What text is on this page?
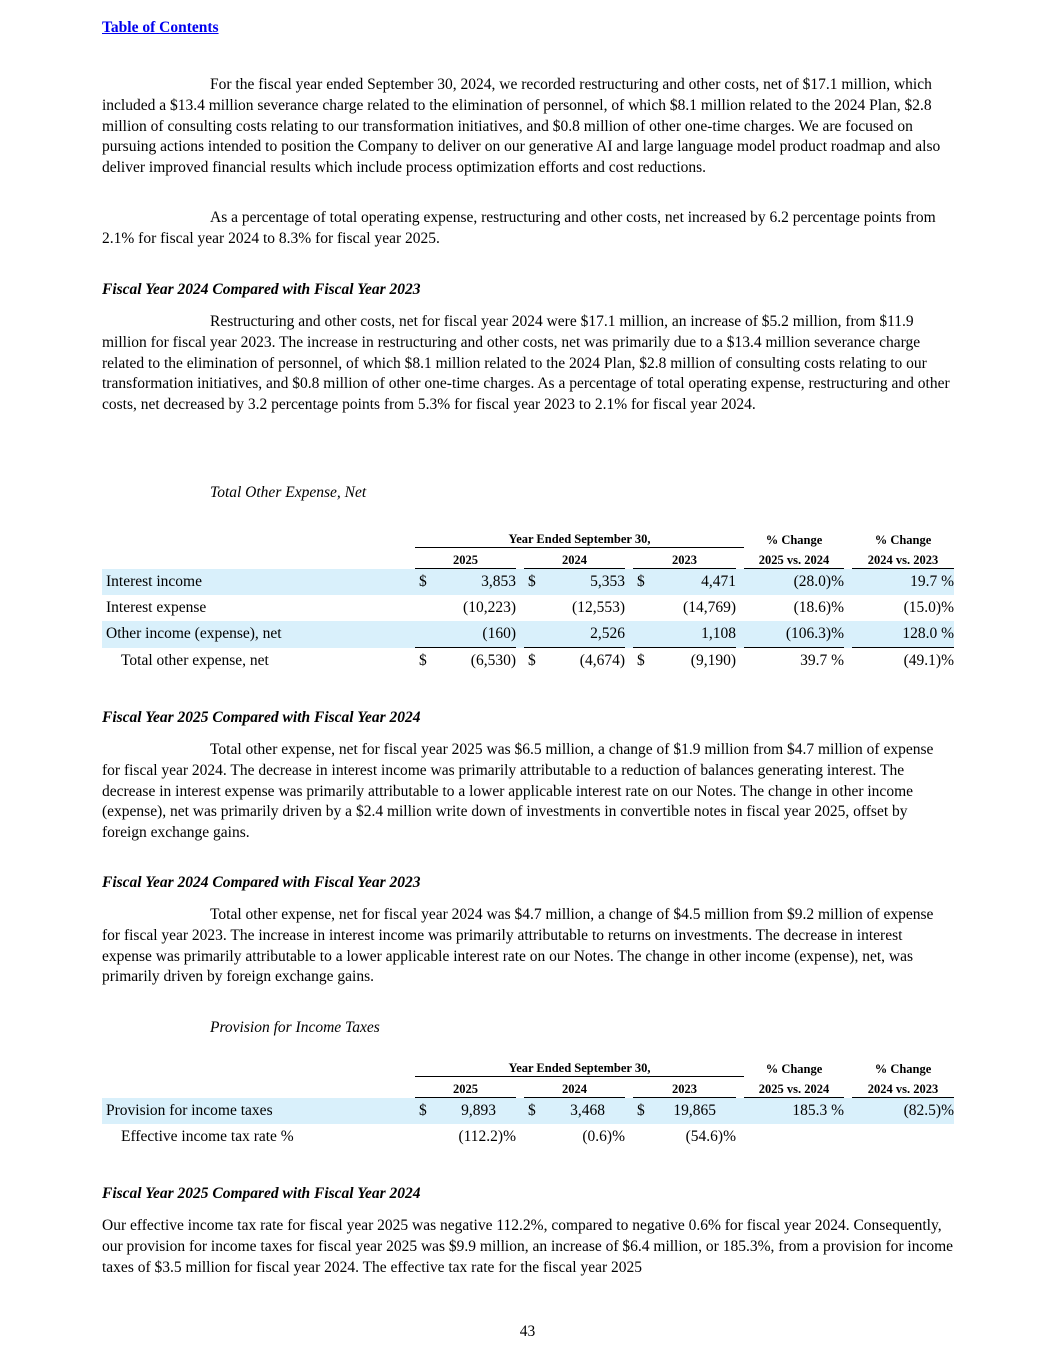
Table of Contents

For the fiscal year ended September 30, 2024, we recorded restructuring and other costs, net of $17.1 million, which included a $13.4 million severance charge related to the elimination of personnel, of which $8.1 million related to the 2024 Plan, $2.8 million of consulting costs relating to our transformation initiatives, and $0.8 million of other one-time charges. We are focused on pursuing actions intended to position the Company to deliver on our generative AI and large language model product roadmap and also deliver improved financial results which include process optimization efforts and cost reductions.

As a percentage of total operating expense, restructuring and other costs, net increased by 6.2 percentage points from 2.1% for fiscal year 2024 to 8.3% for fiscal year 2025.

Fiscal Year 2024 Compared with Fiscal Year 2023

Restructuring and other costs, net for fiscal year 2024 were $17.1 million, an increase of $5.2 million, from $11.9 million for fiscal year 2023. The increase in restructuring and other costs, net was primarily due to a $13.4 million severance charge related to the elimination of personnel, of which $8.1 million related to the 2024 Plan, $2.8 million of consulting costs relating to our transformation initiatives, and $0.8 million of other one-time charges. As a percentage of total operating expense, restructuring and other costs, net decreased by 3.2 percentage points from 5.3% for fiscal year 2023 to 2.1% for fiscal year 2024.

Total Other Expense, Net
	Year Ended September 30,									% Change		% Change
	2025			2024			2023			2025 vs. 2024		2024 vs. 2023
Interest income	$	3,853		$	5,353		$	4,471		(28.0)%		19.7 %
Interest expense		(10,223)			(12,553)			(14,769)		(18.6)%		(15.0)%
Other income (expense), net		(160)			2,526			1,108		(106.3)%		128.0 %
Total other expense, net	$	(6,530)		$	(4,674)		$	(9,190)		39.7 %		(49.1)%
Fiscal Year 2025 Compared with Fiscal Year 2024

Total other expense, net for fiscal year 2025 was $6.5 million, a change of $1.9 million from $4.7 million of expense for fiscal year 2024. The decrease in interest income was primarily attributable to a reduction of balances generating interest. The decrease in interest expense was primarily attributable to a lower applicable interest rate on our Notes. The change in other income (expense), net was primarily driven by a $2.4 million write down of investments in convertible notes in fiscal year 2025, offset by foreign exchange gains.

Fiscal Year 2024 Compared with Fiscal Year 2023

Total other expense, net for fiscal year 2024 was $4.7 million, a change of $4.5 million from $9.2 million of expense for fiscal year 2023. The increase in interest income was primarily attributable to returns on investments. The decrease in interest expense was primarily attributable to a lower applicable interest rate on our Notes. The change in other income (expense), net, was primarily driven by foreign exchange gains.

Provision for Income Taxes
	Year Ended September 30,									% Change		% Change
	2025			2024			2023			2025 vs. 2024		2024 vs. 2023
Provision for income taxes	$	9,893		$	3,468		$	19,865		185.3 %		(82.5)%
Effective income tax rate %		(112.2)%			(0.6)%			(54.6)%				
Fiscal Year 2025 Compared with Fiscal Year 2024

Our effective income tax rate for fiscal year 2025 was negative 112.2%, compared to negative 0.6% for fiscal year 2024. Consequently, our provision for income taxes for fiscal year 2025 was $9.9 million, an increase of $6.4 million, or 185.3%, from a provision for income taxes of $3.5 million for fiscal year 2024. The effective tax rate for the fiscal year 2025

43
